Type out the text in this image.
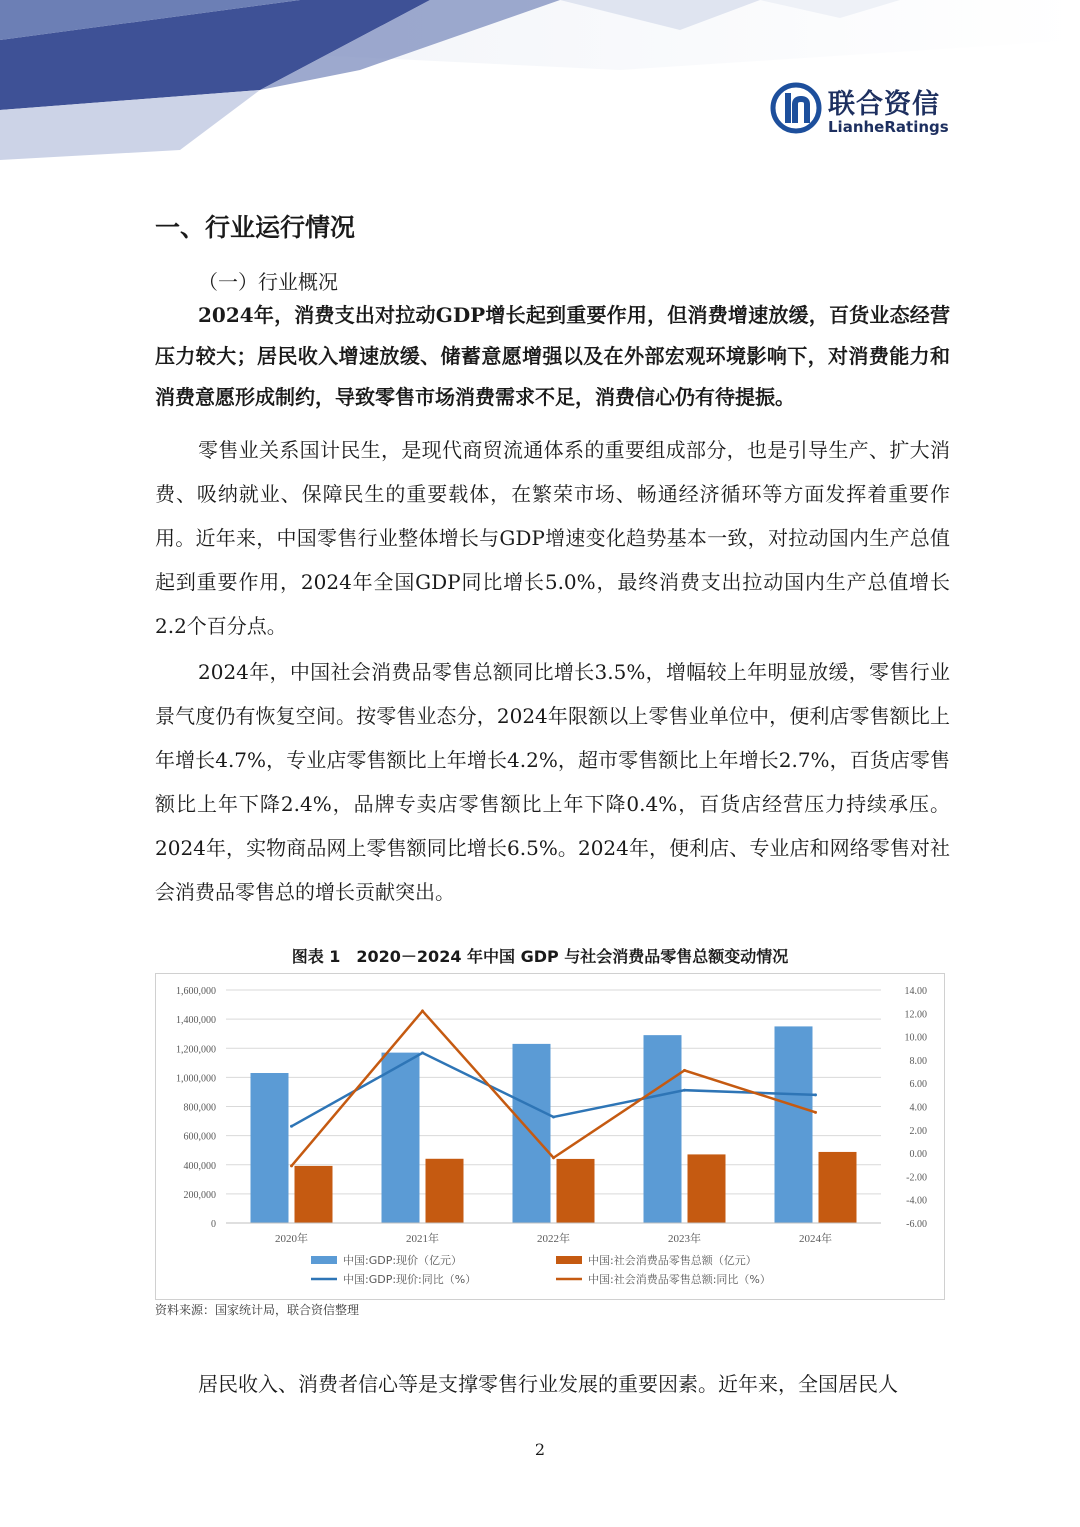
联合资信
LianheRatings
一、行业运行情况
（一）行业概况

2024年，消费支出对拉动GDP增长起到重要作用，但消费增速放缓，百货业态经营压力较大；居民收入增速放缓、储蓄意愿增强以及在外部宏观环境影响下，对消费能力和消费意愿形成制约，导致零售市场消费需求不足，消费信心仍有待提振。

零售业关系国计民生，是现代商贸流通体系的重要组成部分，也是引导生产、扩大消费、吸纳就业、保障民生的重要载体，在繁荣市场、畅通经济循环等方面发挥着重要作用。近年来，中国零售行业整体增长与GDP增速变化趋势基本一致，对拉动国内生产总值起到重要作用，2024年全国GDP同比增长5.0%，最终消费支出拉动国内生产总值增长2.2个百分点。

2024年，中国社会消费品零售总额同比增长3.5%，增幅较上年明显放缓，零售行业景气度仍有恢复空间。按零售业态分，2024年限额以上零售业单位中，便利店零售额比上年增长4.7%，专业店零售额比上年增长4.2%，超市零售额比上年增长2.7%，百货店零售额比上年下降2.4%，品牌专卖店零售额比上年下降0.4%，百货店经营压力持续承压。2024年，实物商品网上零售额同比增长6.5%。2024年，便利店、专业店和网络零售对社会消费品零售总的增长贡献突出。

图表 1　2020－2024 年中国 GDP 与社会消费品零售总额变动情况
0
200,000
400,000
600,000
800,000
1,000,000
1,200,000
1,400,000
1,600,000
-6.00
-4.00
-2.00
0.00
2.00
4.00
6.00
8.00
10.00
12.00
14.00
2020年	2021年	2022年	2023年	2024年
中国:GDP:现价（亿元）	中国:社会消费品零售总额（亿元）
中国:GDP:现价:同比（%）	中国:社会消费品零售总额:同比（%）
资料来源：国家统计局，联合资信整理

居民收入、消费者信心等是支撑零售行业发展的重要因素。近年来，全国居民人

2
